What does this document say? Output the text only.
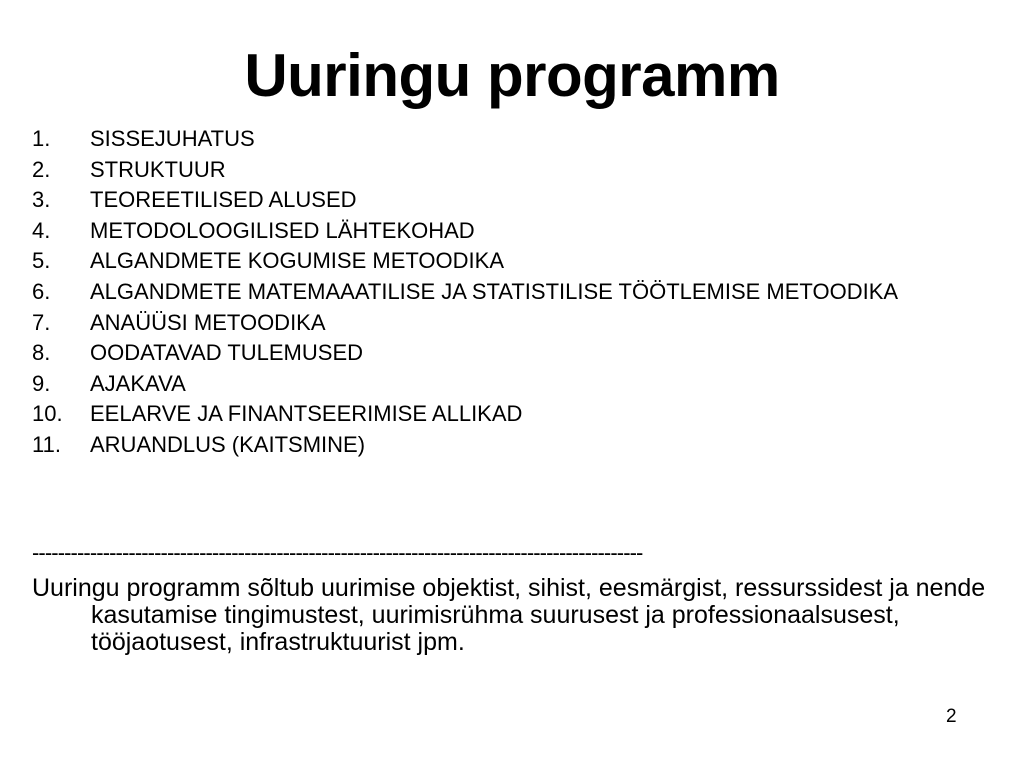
Uuringu programm
1.	SISSEJUHATUS
2.	STRUKTUUR
3.	TEOREETILISED ALUSED
4.	METODOLOOGILISED LÄHTEKOHAD
5.	ALGANDMETE KOGUMISE METOODIKA
6.	ALGANDMETE MATEMAAATILISE JA STATISTILISE TÖÖTLEMISE METOODIKA
7.	ANAÜÜSI METOODIKA
8.	OODATAVAD TULEMUSED
9.	AJAKAVA
10.	EELARVE JA FINANTSEERIMISE ALLIKAD
11.	ARUANDLUS (KAITSMINE)
-----------------------------------------------------------------------------------------------
Uuringu programm sõltub uurimise objektist, sihist, eesmärgist, ressurssidest ja nende kasutamise tingimustest, uurimisrühma suurusest ja professionaalsusest, tööjaotusest, infrastruktuurist jpm.
2
